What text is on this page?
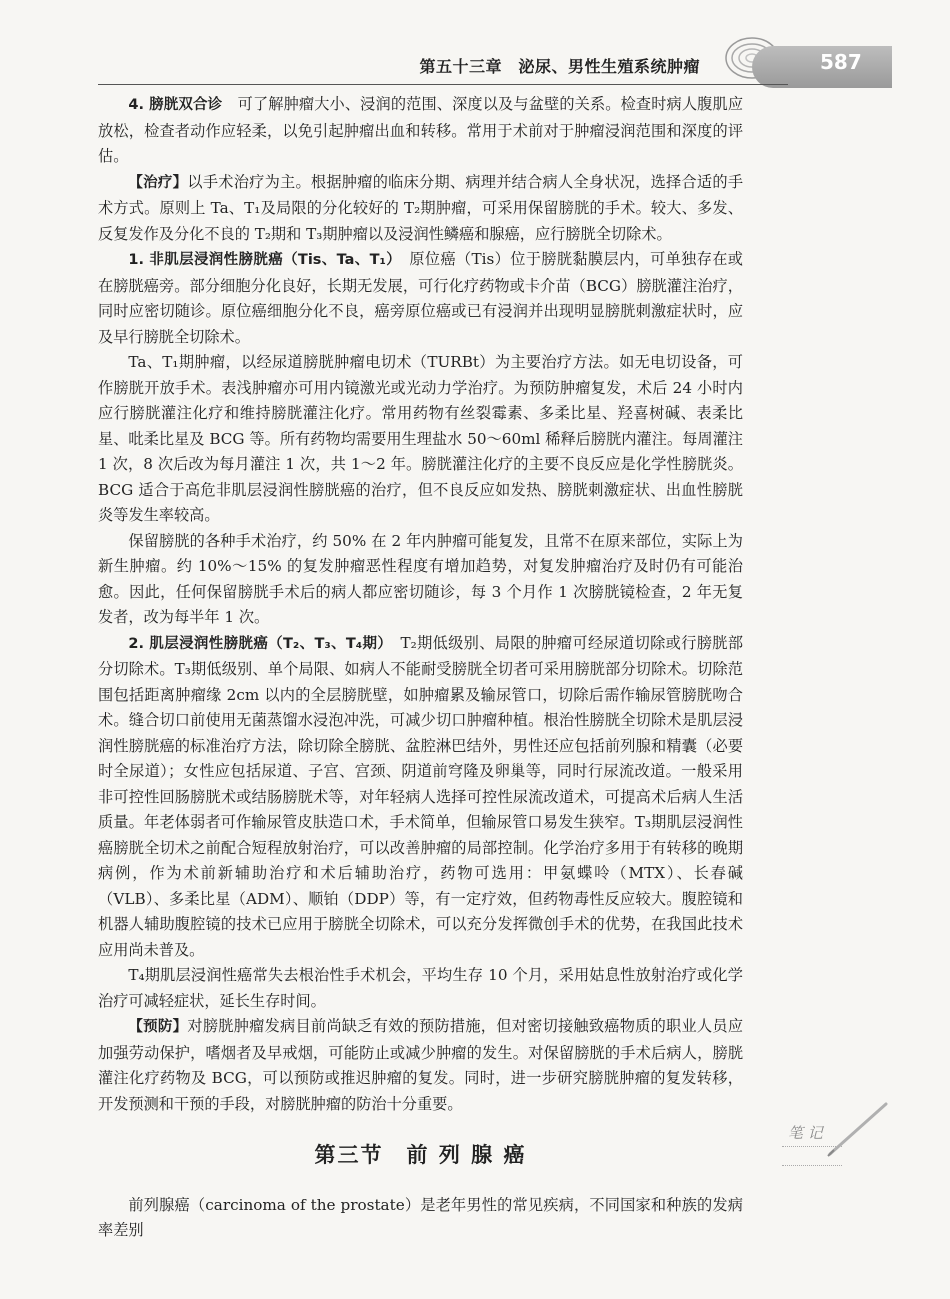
第五十三章　泌尿、男性生殖系统肿瘤	587

4. 膀胱双合诊　可了解肿瘤大小、浸润的范围、深度以及与盆壁的关系。检查时病人腹肌应放松，检查者动作应轻柔，以免引起肿瘤出血和转移。常用于术前对于肿瘤浸润范围和深度的评估。

【治疗】以手术治疗为主。根据肿瘤的临床分期、病理并结合病人全身状况，选择合适的手术方式。原则上 Ta、T₁及局限的分化较好的 T₂期肿瘤，可采用保留膀胱的手术。较大、多发、反复发作及分化不良的 T₂期和 T₃期肿瘤以及浸润性鳞癌和腺癌，应行膀胱全切除术。

1. 非肌层浸润性膀胱癌（Tis、Ta、T₁）　原位癌（Tis）位于膀胱黏膜层内，可单独存在或在膀胱癌旁。部分细胞分化良好，长期无发展，可行化疗药物或卡介苗（BCG）膀胱灌注治疗，同时应密切随诊。原位癌细胞分化不良，癌旁原位癌或已有浸润并出现明显膀胱刺激症状时，应及早行膀胱全切除术。

Ta、T₁期肿瘤，以经尿道膀胱肿瘤电切术（TURBt）为主要治疗方法。如无电切设备，可作膀胱开放手术。表浅肿瘤亦可用内镜激光或光动力学治疗。为预防肿瘤复发，术后 24 小时内应行膀胱灌注化疗和维持膀胱灌注化疗。常用药物有丝裂霉素、多柔比星、羟喜树碱、表柔比星、吡柔比星及 BCG 等。所有药物均需要用生理盐水 50～60ml 稀释后膀胱内灌注。每周灌注 1 次，8 次后改为每月灌注 1 次，共 1～2 年。膀胱灌注化疗的主要不良反应是化学性膀胱炎。BCG 适合于高危非肌层浸润性膀胱癌的治疗，但不良反应如发热、膀胱刺激症状、出血性膀胱炎等发生率较高。

保留膀胱的各种手术治疗，约 50% 在 2 年内肿瘤可能复发，且常不在原来部位，实际上为新生肿瘤。约 10%～15% 的复发肿瘤恶性程度有增加趋势，对复发肿瘤治疗及时仍有可能治愈。因此，任何保留膀胱手术后的病人都应密切随诊，每 3 个月作 1 次膀胱镜检查，2 年无复发者，改为每半年 1 次。

2. 肌层浸润性膀胱癌（T₂、T₃、T₄期）　T₂期低级别、局限的肿瘤可经尿道切除或行膀胱部分切除术。T₃期低级别、单个局限、如病人不能耐受膀胱全切者可采用膀胱部分切除术。切除范围包括距离肿瘤缘 2cm 以内的全层膀胱壁，如肿瘤累及输尿管口，切除后需作输尿管膀胱吻合术。缝合切口前使用无菌蒸馏水浸泡冲洗，可减少切口肿瘤种植。根治性膀胱全切除术是肌层浸润性膀胱癌的标准治疗方法，除切除全膀胱、盆腔淋巴结外，男性还应包括前列腺和精囊（必要时全尿道）；女性应包括尿道、子宫、宫颈、阴道前穹隆及卵巢等，同时行尿流改道。一般采用非可控性回肠膀胱术或结肠膀胱术等，对年轻病人选择可控性尿流改道术，可提高术后病人生活质量。年老体弱者可作输尿管皮肤造口术，手术简单，但输尿管口易发生狭窄。T₃期肌层浸润性癌膀胱全切术之前配合短程放射治疗，可以改善肿瘤的局部控制。化学治疗多用于有转移的晚期病例，作为术前新辅助治疗和术后辅助治疗，药物可选用：甲氨蝶呤（MTX）、长春碱（VLB）、多柔比星（ADM）、顺铂（DDP）等，有一定疗效，但药物毒性反应较大。腹腔镜和机器人辅助腹腔镜的技术已应用于膀胱全切除术，可以充分发挥微创手术的优势，在我国此技术应用尚未普及。

T₄期肌层浸润性癌常失去根治性手术机会，平均生存 10 个月，采用姑息性放射治疗或化学治疗可减轻症状，延长生存时间。

【预防】对膀胱肿瘤发病目前尚缺乏有效的预防措施，但对密切接触致癌物质的职业人员应加强劳动保护，嗜烟者及早戒烟，可能防止或减少肿瘤的发生。对保留膀胱的手术后病人，膀胱灌注化疗药物及 BCG，可以预防或推迟肿瘤的复发。同时，进一步研究膀胱肿瘤的复发转移，开发预测和干预的手段，对膀胱肿瘤的防治十分重要。

第三节　前 列 腺 癌

前列腺癌（carcinoma of the prostate）是老年男性的常见疾病，不同国家和种族的发病率差别

笔 记
